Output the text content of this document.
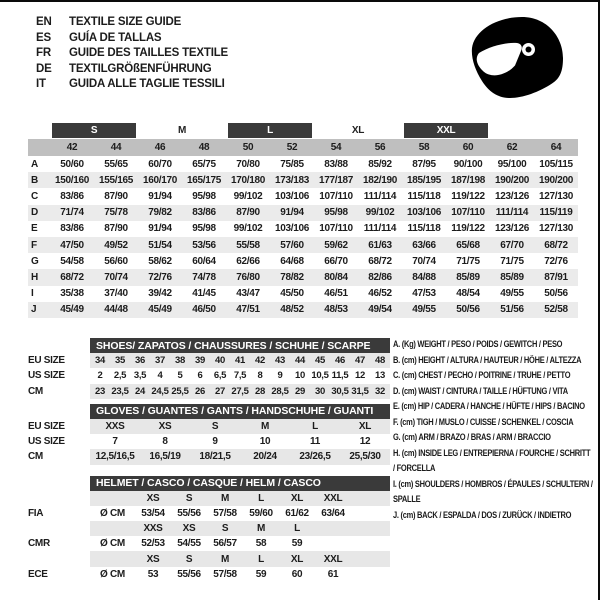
EN	TEXTILE SIZE GUIDE
ES	GUÍA DE TALLAS
FR	GUIDE DES TAILLES TEXTILE
DE	TEXTILGRÖßENFÜHRUNG
IT	GUIDA ALLE TAGLIE TESSILI

	S		M		L		XL		XXL			

	42	44	46	48	50	52	54	56	58	60	62	64
A	50/60	55/65	60/70	65/75	70/80	75/85	83/88	85/92	87/95	90/100	95/100	105/115
B	150/160	155/165	160/170	165/175	170/180	173/183	177/187	182/190	185/195	187/198	190/200	190/200
C	83/86	87/90	91/94	95/98	99/102	103/106	107/110	111/114	115/118	119/122	123/126	127/130
D	71/74	75/78	79/82	83/86	87/90	91/94	95/98	99/102	103/106	107/110	111/114	115/119
E	83/86	87/90	91/94	95/98	99/102	103/106	107/110	111/114	115/118	119/122	123/126	127/130
F	47/50	49/52	51/54	53/56	55/58	57/60	59/62	61/63	63/66	65/68	67/70	68/72
G	54/58	56/60	58/62	60/64	62/66	64/68	66/70	68/72	70/74	71/75	71/75	72/76
H	68/72	70/74	72/76	74/78	76/80	78/82	80/84	82/86	84/88	85/89	85/89	87/91
I	35/38	37/40	39/42	41/45	43/47	45/50	46/51	46/52	47/53	48/54	49/55	50/56
J	45/49	44/48	45/49	46/50	47/51	48/52	48/53	49/54	49/55	50/56	51/56	52/58
	SHOES/ ZAPATOS / CHAUSSURES / SCHUHE / SCARPE														
EU SIZE	34	35	36	37	38	39	40	41	42	43	44	45	46	47	48
US SIZE	2	2,5	3,5	4	5	6	6,5	7,5	8	9	10	10,5	11,5	12	13
CM	23	23,5	24	24,5	25,5	26	27	27,5	28	28,5	29	30	30,5	31,5	32
	GLOVES / GUANTES / GANTS / HANDSCHUHE / GUANTI					
EU SIZE	XXS	XS	S	M	L	XL
US SIZE	7	8	9	10	11	12
CM	12,5/16,5	16,5/19	18/21,5	20/24	23/26,5	25,5/30
	HELMET / CASCO / CASQUE / HELM / CASCO							
		XS	S	M	L	XL	XXL	
FIA	Ø CM	53/54	55/56	57/58	59/60	61/62	63/64	
		XXS	XS	S	M	L		
CMR	Ø CM	52/53	54/55	56/57	58	59		
		XS	S	M	L	XL	XXL	
ECE	Ø CM	53	55/56	57/58	59	60	61	
A. (Kg) WEIGHT / PESO / POIDS / GEWITCH / PESO
B. (cm) HEIGHT / ALTURA / HAUTEUR / HÖHE / ALTEZZA
C. (cm) CHEST / PECHO / POITRINE / TRUHE / PETTO
D. (cm) WAIST / CINTURA / TAILLE / HÜFTUNG / VITA
E. (cm) HIP / CADERA / HANCHE / HÜFTE / HIPS / BACINO
F. (cm) TIGH / MUSLO / CUISSE / SCHENKEL / COSCIA
G. (cm) ARM / BRAZO / BRAS / ARM / BRACCIO
H. (cm) INSIDE LEG / ENTREPIERNA / FOURCHE / SCHRITT / FORCELLA
I. (cm) SHOULDERS / HOMBROS / ÉPAULES / SCHULTERN / SPALLE
J. (cm) BACK / ESPALDA / DOS / ZURÜCK / INDIETRO
